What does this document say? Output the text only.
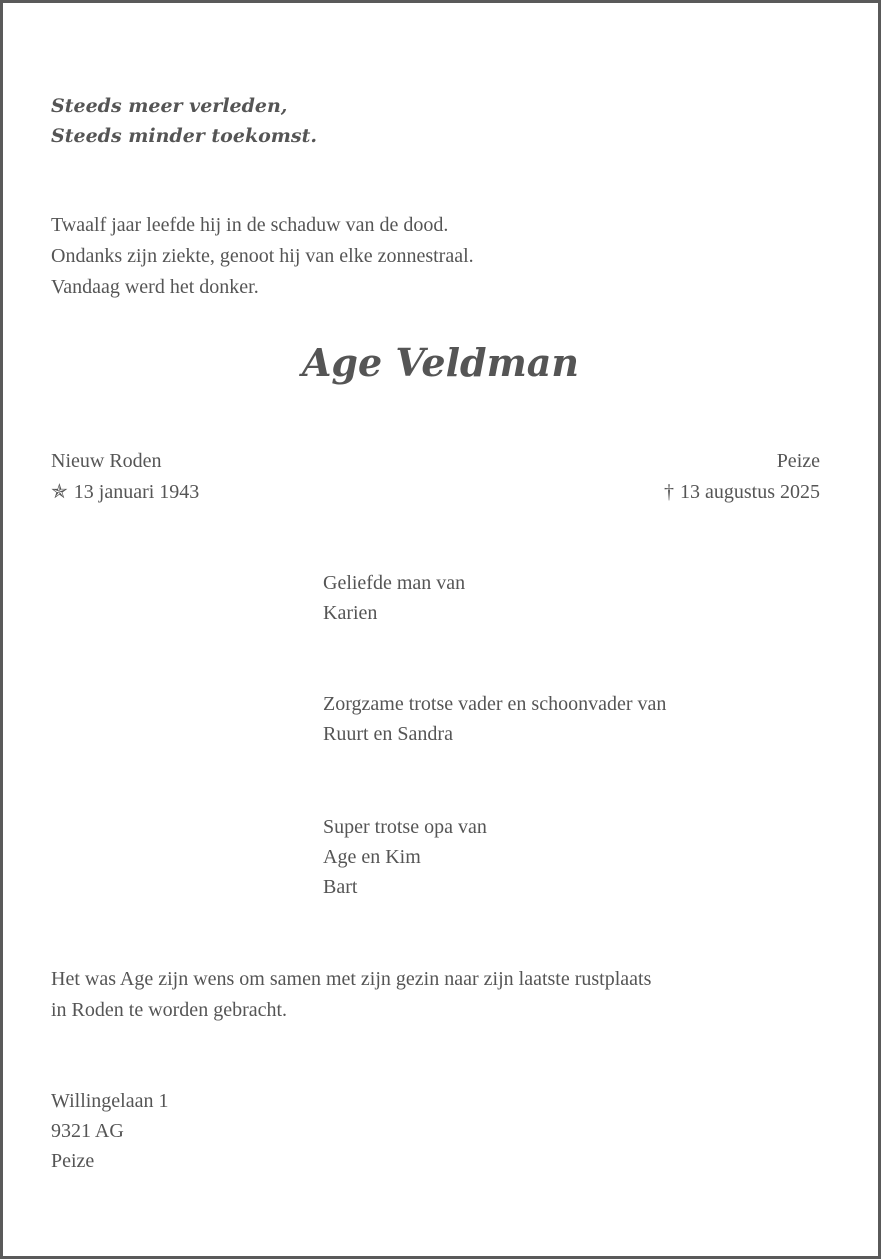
Steeds meer verleden,
Steeds minder toekomst.
Twaalf jaar leefde hij in de schaduw van de dood.
Ondanks zijn ziekte, genoot hij van elke zonnestraal.
Vandaag werd het donker.
Age Veldman
Nieuw Roden
✯ 13 januari 1943
Peize
† 13 augustus 2025
Geliefde man van
Karien
Zorgzame trotse vader en schoonvader van
Ruurt en Sandra
Super trotse opa van
Age en Kim
Bart
Het was Age zijn wens om samen met zijn gezin naar zijn laatste rustplaats
in Roden te worden gebracht.
Willingelaan 1
9321 AG
Peize
